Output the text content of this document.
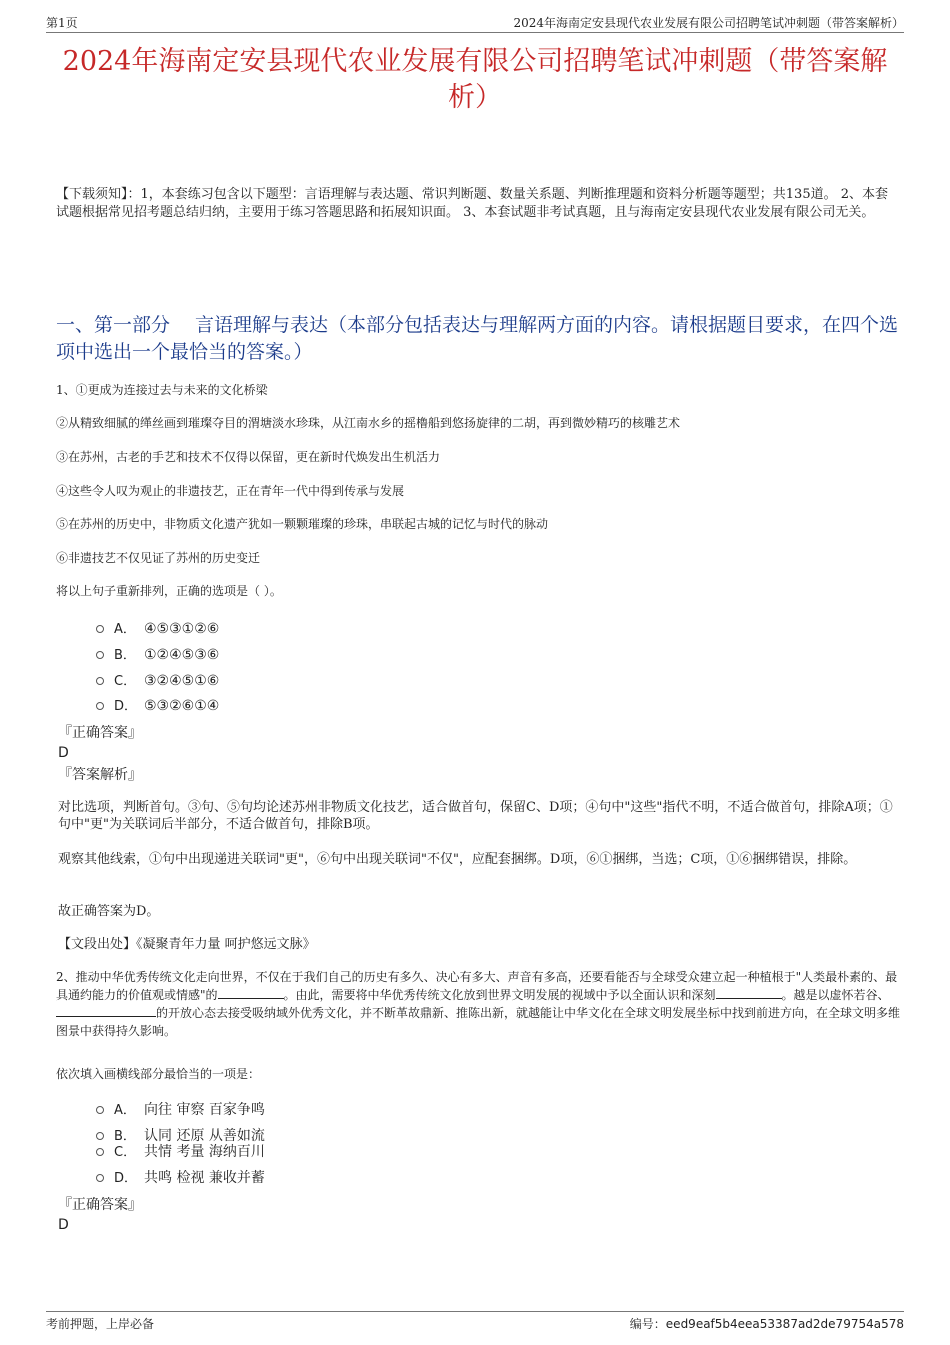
第1页	2024年海南定安县现代农业发展有限公司招聘笔试冲刺题（带答案解析）
2024年海南定安县现代农业发展有限公司招聘笔试冲刺题（带答案解析）
【下载须知】：1，本套练习包含以下题型：言语理解与表达题、常识判断题、数量关系题、判断推理题和资料分析题等题型；共135道。 2、本套试题根据常见招考题总结归纳，主要用于练习答题思路和拓展知识面。 3、本套试题非考试真题，且与海南定安县现代农业发展有限公司无关。
一、第一部分　 言语理解与表达（本部分包括表达与理解两方面的内容。请根据题目要求，在四个选项中选出一个最恰当的答案。）
1、①更成为连接过去与未来的文化桥梁
②从精致细腻的缂丝画到璀璨夺目的渭塘淡水珍珠，从江南水乡的摇橹船到悠扬旋律的二胡，再到微妙精巧的核雕艺术
③在苏州，古老的手艺和技术不仅得以保留，更在新时代焕发出生机活力
④这些令人叹为观止的非遗技艺，正在青年一代中得到传承与发展
⑤在苏州的历史中，非物质文化遗产犹如一颗颗璀璨的珍珠，串联起古城的记忆与时代的脉动
⑥非遗技艺不仅见证了苏州的历史变迁
将以上句子重新排列，正确的选项是（ ）。
A． ④⑤③①②⑥
B． ①②④⑤③⑥
C． ③②④⑤①⑥
D． ⑤③②⑥①④
『正确答案』
D
『答案解析』
对比选项，判断首句。③句、⑤句均论述苏州非物质文化技艺，适合做首句，保留C、D项；④句中"这些"指代不明，不适合做首句，排除A项；①句中"更"为关联词后半部分，不适合做首句，排除B项。
观察其他线索，①句中出现递进关联词"更"，⑥句中出现关联词"不仅"，应配套捆绑。D项，⑥①捆绑，当选；C项，①⑥捆绑错误，排除。
故正确答案为D。
【文段出处】《凝聚青年力量 呵护悠远文脉》
2、推动中华优秀传统文化走向世界，不仅在于我们自己的历史有多久、决心有多大、声音有多高，还要看能否与全球受众建立起一种植根于"人类最朴素的、最具通约能力的价值观或情感"的	。由此，需要将中华优秀传统文化放到世界文明发展的视域中予以全面认识和深刻	。越是以虚怀若谷、的开放心态去接受吸纳域外优秀文化，并不断革故鼎新、推陈出新，就越能让中华文化在全球文明发展坐标中找到前进方向，在全球文明多维图景中获得持久影响。
依次填入画横线部分最恰当的一项是：
A． 向往 审察 百家争鸣
B． 认同 还原 从善如流
C． 共情 考量 海纳百川
D． 共鸣 检视 兼收并蓄
『正确答案』
D
考前押题，上岸必备	编号：eed9eaf5b4eea53387ad2de79754a578
